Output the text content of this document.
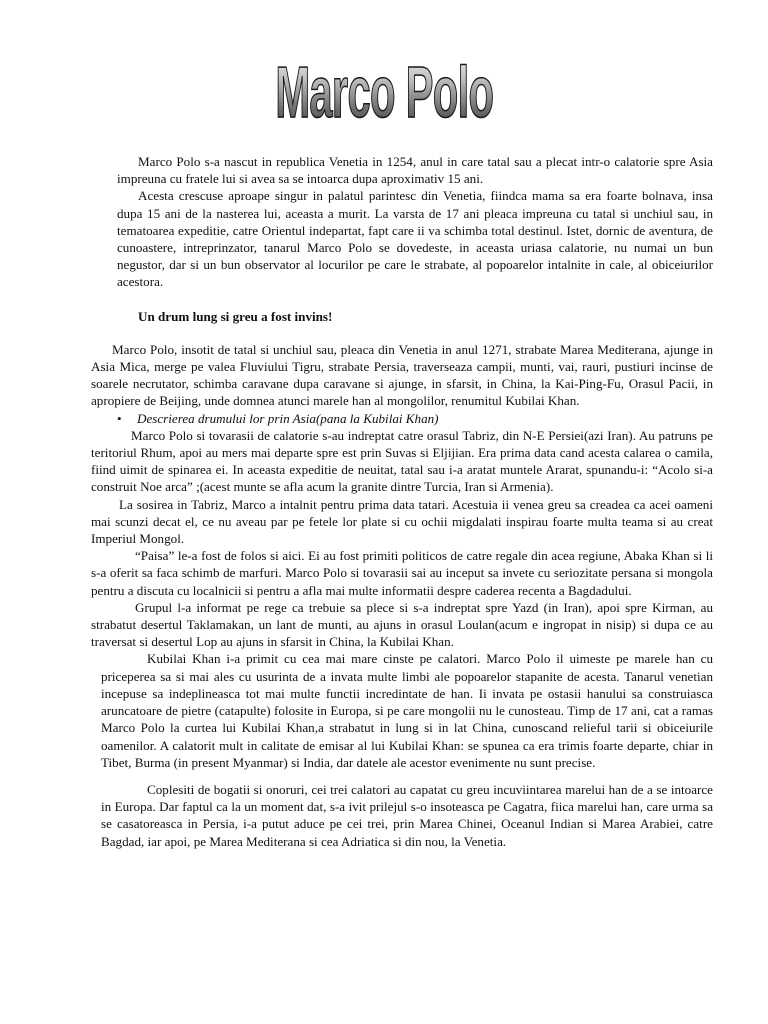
Marco Polo

Marco Polo s-a nascut in republica Venetia in 1254, anul in care tatal sau a plecat intr-o calatorie spre Asia impreuna cu fratele lui si avea sa se intoarca dupa aproximativ 15 ani.

Acesta crescuse aproape singur in palatul parintesc din Venetia, fiindca mama sa era foarte bolnava, insa dupa 15 ani de la nasterea lui, aceasta a murit. La varsta de 17 ani pleaca impreuna cu tatal si unchiul sau, in tematoarea expeditie, catre Orientul indepartat, fapt care ii va schimba total destinul. Istet, dornic de aventura, de cunoastere, intreprinzator, tanarul Marco Polo se dovedeste, in aceasta uriasa calatorie, nu numai un bun negustor, dar si un bun observator al locurilor pe care le strabate, al popoarelor intalnite in cale, al obiceiurilor acestora.

Un drum lung si greu a fost invins!

Marco Polo, insotit de tatal si unchiul sau, pleaca din Venetia in anul 1271, strabate Marea Mediterana, ajunge in Asia Mica, merge pe valea Fluviului Tigru, strabate Persia, traverseaza campii, munti, vai, rauri, pustiuri incinse de soarele necrutator, schimba caravane dupa caravane si ajunge, in sfarsit, in China, la Kai-Ping-Fu, Orasul Pacii, in apropiere de Beijing, unde domnea atunci marele han al mongolilor, renumitul Kubilai Khan.

• Descrierea drumului lor prin Asia(pana la Kubilai Khan)

Marco Polo si tovarasii de calatorie s-au indreptat catre orasul Tabriz, din N-E Persiei(azi Iran). Au patruns pe teritoriul Rhum, apoi au mers mai departe spre est prin Suvas si Eljijian. Era prima data cand acesta calarea o camila, fiind uimit de spinarea ei. In aceasta expeditie de neuitat, tatal sau i-a aratat muntele Ararat, spunandu-i: “Acolo si-a construit Noe arca” ;(acest munte se afla acum la granite dintre Turcia, Iran si Armenia).

La sosirea in Tabriz, Marco a intalnit pentru prima data tatari. Acestuia ii venea greu sa creadea ca acei oameni mai scunzi decat el, ce nu aveau par pe fetele lor plate si cu ochii migdalati inspirau foarte multa teama si au creat Imperiul Mongol.

“Paisa” le-a fost de folos si aici. Ei au fost primiti politicos de catre regale din acea regiune, Abaka Khan si li s-a oferit sa faca schimb de marfuri. Marco Polo si tovarasii sai au inceput sa invete cu seriozitate persana si mongola pentru a discuta cu localnicii si pentru a afla mai multe informatii despre caderea recenta a Bagdadului.

Grupul l-a informat pe rege ca trebuie sa plece si s-a indreptat spre Yazd (in Iran), apoi spre Kirman, au strabatut desertul Taklamakan, un lant de munti, au ajuns in orasul Loulan(acum e ingropat in nisip) si dupa ce au traversat si desertul Lop au ajuns in sfarsit in China, la Kubilai Khan.

Kubilai Khan i-a primit cu cea mai mare cinste pe calatori. Marco Polo il uimeste pe marele han cu priceperea sa si mai ales cu usurinta de a invata multe limbi ale popoarelor stapanite de acesta. Tanarul venetian incepuse sa indeplineasca tot mai multe functii incredintate de han. Ii invata pe ostasii hanului sa construiasca aruncatoare de pietre (catapulte) folosite in Europa, si pe care mongolii nu le cunosteau. Timp de 17 ani, cat a ramas Marco Polo la curtea lui Kubilai Khan,a strabatut in lung si in lat China, cunoscand relieful tarii si obiceiurile oamenilor. A calatorit mult in calitate de emisar al lui Kubilai Khan: se spunea ca era trimis foarte departe, chiar in Tibet, Burma (in present Myanmar) si India, dar datele ale acestor evenimente nu sunt precise.

Coplesiti de bogatii si onoruri, cei trei calatori au capatat cu greu incuviintarea marelui han de a se intoarce in Europa. Dar faptul ca la un moment dat, s-a ivit prilejul s-o insoteasca pe Cagatra, fiica marelui han, care urma sa se casatoreasca in Persia, i-a putut aduce pe cei trei, prin Marea Chinei, Oceanul Indian si Marea Arabiei, catre Bagdad, iar apoi, pe Marea Mediterana si cea Adriatica si din nou, la Venetia.
